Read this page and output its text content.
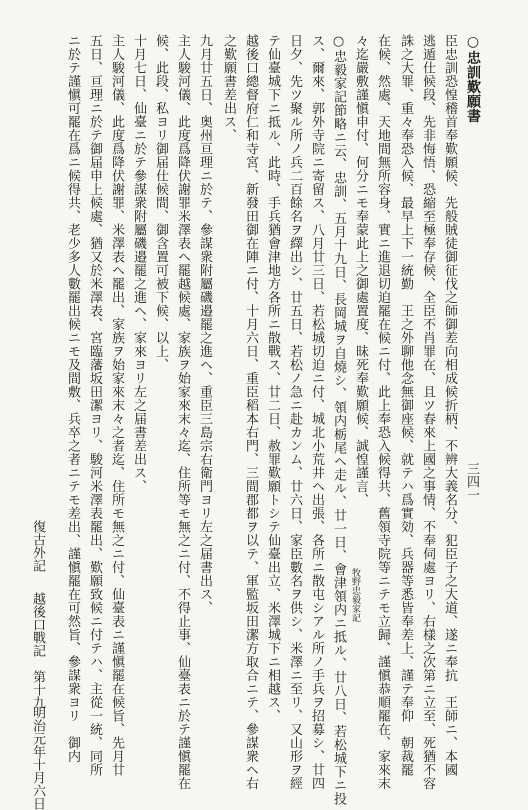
三四一
復古外記
越後口戰記　第十九
明治元年十月六日
○忠訓歎願書
臣忠訓恐惶稽首奉歎願候、先般賊徒御征伐之師御差向相成候折柄、不辨大義名分、犯臣子之大道、遂ニ奉抗　王師ニ、本國
逃遁仕候段、先非悔悟、恐縮至極奉存候、全臣不肖罪在、且ツ春來上國之事情、不奉伺處ヨリ、右樣之次第ニ立至、死猶不容
誅之大罪、重々奉恐入候、最早上下一統勤　王之外聊他念無御座候、就テハ爲實効、兵器等悉皆奉差上、謹テ奉仰　朝裁罷
在候、然處、天地間無所容身、實ニ進退切迫罷在候ニ付、此上奉恐入候得共、舊領寺院等ニテモ立歸、謹愼恭順罷在、家來末
々迄嚴敷謹愼申付、何分ニモ奉蒙此上之御處置度、昧死奉歎願候、誠惶謹言、
牧野忠毅家記
○忠毅家記節略ニ云、忠訓、五月十九日、長岡城ヲ自燒シ、領内栃尾ヘ走ル、廿一日、會津領内ニ抵ル、廿八日、若松城下ニ投
ス、爾來、郭外寺院ニ寄留ス、八月廿三日、若松城切迫ニ付、城北小荒井ヘ出張、各所ニ散屯シアル所ノ手兵ヲ招募シ、廿四
日夕、先ツ聚ル所ノ兵二百餘名ヲ繹出シ、廿五日、若松ノ急ニ赴カンム、廿六日、家臣數名ヲ供シ、米澤ニ至リ、又山形ヲ經
テ仙臺城下ニ抵ル、此時、手兵猶會津地方各所ニ散戰ス、廿二日、赦罪歎願トシテ仙臺出立、米澤城下ニ相越ス、
越後口總督府仁和寺宮、新發田御在陣ニ付、十月六日、重臣稻本右門、三間郡都ヲ以テ、軍監坂田潔方取合ニテ、參謀衆ヘ右
之歎願書差出ス、
九月廿五日、奥州亘理ニ於テ、參謀衆附屬磯邉罷之進ヘ、重臣三島宗右衛門ヨリ左之届書出ス、
主人駿河儀、此度爲降伏謝罪米澤表ヘ罷越候處、家族ヲ始家來末々迄、住所等モ無之ニ付、不得止事、仙臺表ニ於テ謹愼罷在
候、此段、私ヨリ御届仕候間、御含置可被下候、以上、
十月七日、仙臺ニ於テ參謀衆附屬磯邉罷之進ヘ、家來ヨリ左之届書差出ス、
主人駿河儀、此度爲降伏謝罪、米澤表ヘ罷出、家族ヲ始家來末々之者迄、住所モ無之ニ付、仙臺表ニ謹愼罷在候旨、先月廿
五日、亘理ニ於テ御届申上候處、猶又於米澤表、宮臨藩坂田潔ヨリ、駿河米澤表罷出、歎願致候ニ付テハ、主從一統、同所
ニ於テ謹愼可罷在爲ニ候得共、老少多人數罷出候ニモ及間敷、兵卒之者ニテモ差出、謹愼罷在可然旨、參謀衆ヨリ　御内
